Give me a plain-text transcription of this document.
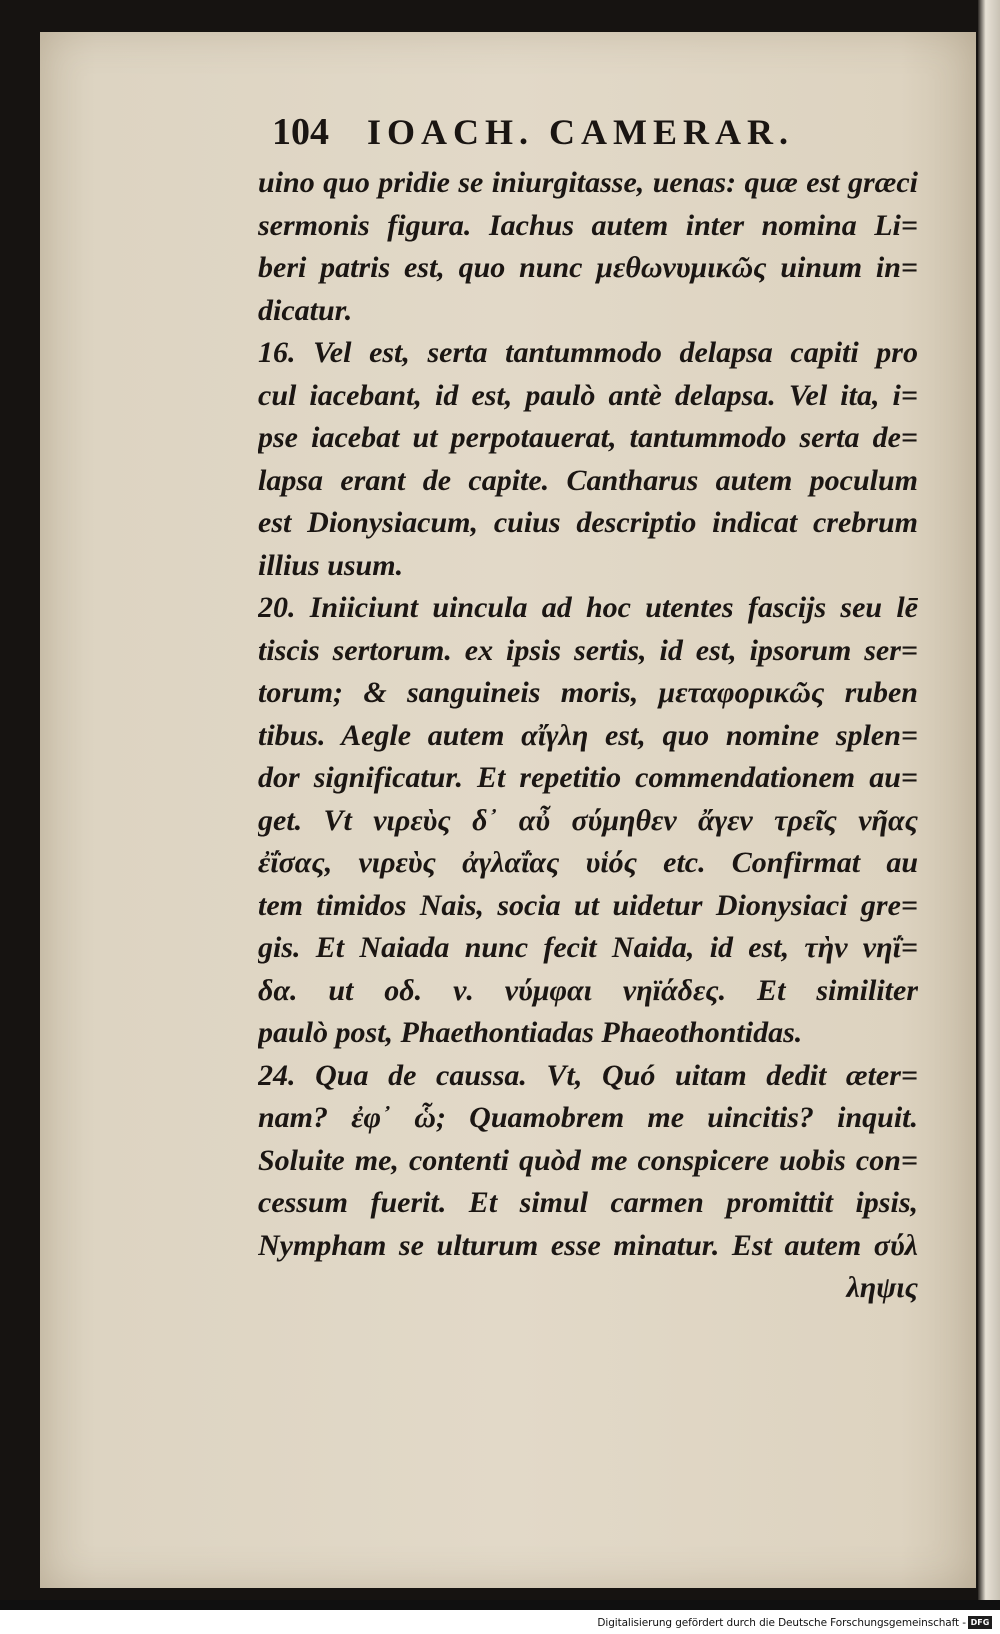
104 IOACH. CAMERAR.
uino quo pridie se iniurgitasse, uenas: quæ est græci
sermonis figura. Iachus autem inter nomina Li=
beri patris est, quo nunc μεθωνυμικῶς uinum in=
dicatur.
16. Vel est, serta tantummodo delapsa capiti pro
cul iacebant, id est, paulò antè delapsa. Vel ita, i=
pse iacebat ut perpotauerat, tantummodo serta de=
lapsa erant de capite. Cantharus autem poculum
est Dionysiacum, cuius descriptio indicat crebrum
illius usum.
20. Iniiciunt uincula ad hoc utentes fascijs seu lē
tiscis sertorum. ex ipsis sertis, id est, ipsorum ser=
torum; & sanguineis moris, μεταφορικῶς ruben
tibus. Aegle autem αἴγλη est, quo nomine splen=
dor significatur. Et repetitio commendationem au=
get. Vt νιρεὺς δ᾽ αὖ σύμηθεν ἄγεν τρεῖς νῆας
ἐΐσας, νιρεὺς ἀγλαΐας υἱός etc. Confirmat au
tem timidos Nais, socia ut uidetur Dionysiaci gre=
gis. Et Naiada nunc fecit Naida, id est, τὴν νηΐ=
δα. ut οδ. ν. νύμφαι νηϊάδες. Et similiter
paulò post, Phaethontiadas Phaeothontidas.
24. Qua de caussa. Vt, Quó uitam dedit æter=
nam? ἐφ᾽ ὧ; Quamobrem me uincitis? inquit.
Soluite me, contenti quòd me conspicere uobis con=
cessum fuerit. Et simul carmen promittit ipsis,
Nympham se ulturum esse minatur. Est autem σύλ
ληψις
Digitalisierung gefördert durch die Deutsche Forschungsgemeinschaft - DFG
